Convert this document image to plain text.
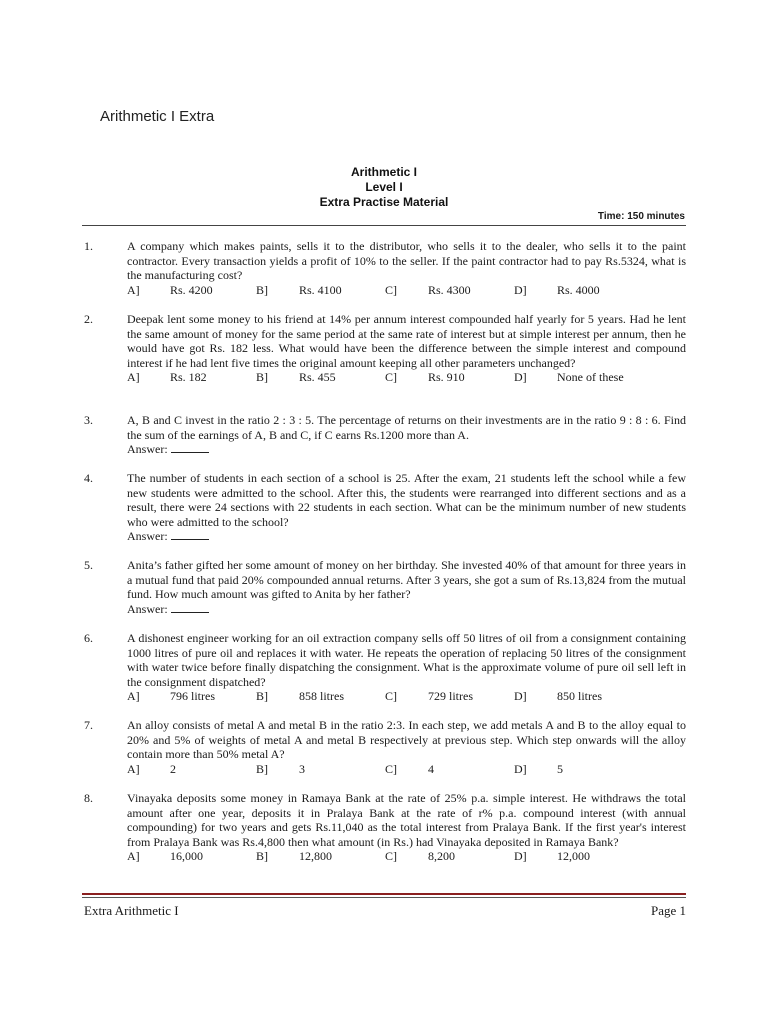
Arithmetic I Extra
Arithmetic I
Level I
Extra Practise Material
Time: 150 minutes
1.	A company which makes paints, sells it to the distributor, who sells it to the dealer, who sells it to the paint contractor. Every transaction yields a profit of 10% to the seller. If the paint contractor had to pay Rs.5324, what is the manufacturing cost?
A]	Rs. 4200	B]	Rs. 4100	C]	Rs. 4300	D]	Rs. 4000
2.	Deepak lent some money to his friend at 14% per annum interest compounded half yearly for 5 years. Had he lent the same amount of money for the same period at the same rate of interest but at simple interest per annum, then he would have got Rs. 182 less. What would have been the difference between the simple interest and compound interest if he had lent five times the original amount keeping all other parameters unchanged?
A]	Rs. 182	B]	Rs. 455	C]	Rs. 910	D]	None of these
3.	A, B and C invest in the ratio 2 : 3 : 5. The percentage of returns on their investments are in the ratio 9 : 8 : 6. Find the sum of the earnings of A, B and C, if C earns Rs.1200 more than A.
Answer:
4.	The number of students in each section of a school is 25. After the exam, 21 students left the school while a few new students were admitted to the school. After this, the students were rearranged into different sections and as a result, there were 24 sections with 22 students in each section. What can be the minimum number of new students who were admitted to the school?
Answer:
5.	Anita’s father gifted her some amount of money on her birthday. She invested 40% of that amount for three years in a mutual fund that paid 20% compounded annual returns. After 3 years, she got a sum of Rs.13,824 from the mutual fund. How much amount was gifted to Anita by her father?
Answer:
6.	A dishonest engineer working for an oil extraction company sells off 50 litres of oil from a consignment containing 1000 litres of pure oil and replaces it with water. He repeats the operation of replacing 50 litres of the consignment with water twice before finally dispatching the consignment. What is the approximate volume of pure oil sell left in the consignment dispatched?
A]	796 litres	B]	858 litres	C]	729 litres	D]	850 litres
7.	An alloy consists of metal A and metal B in the ratio 2:3. In each step, we add metals A and B to the alloy equal to 20% and 5% of weights of metal A and metal B respectively at previous step. Which step onwards will the alloy contain more than 50% metal A?
A]	2	B]	3	C]	4	D]	5
8.	Vinayaka deposits some money in Ramaya Bank at the rate of 25% p.a. simple interest. He withdraws the total amount after one year, deposits it in Pralaya Bank at the rate of r% p.a. compound interest (with annual compounding) for two years and gets Rs.11,040 as the total interest from Pralaya Bank. If the first year's interest from Pralaya Bank was Rs.4,800 then what amount (in Rs.) had Vinayaka deposited in Ramaya Bank?
A]	16,000	B]	12,800	C]	8,200	D]	12,000
Extra Arithmetic I	Page 1
